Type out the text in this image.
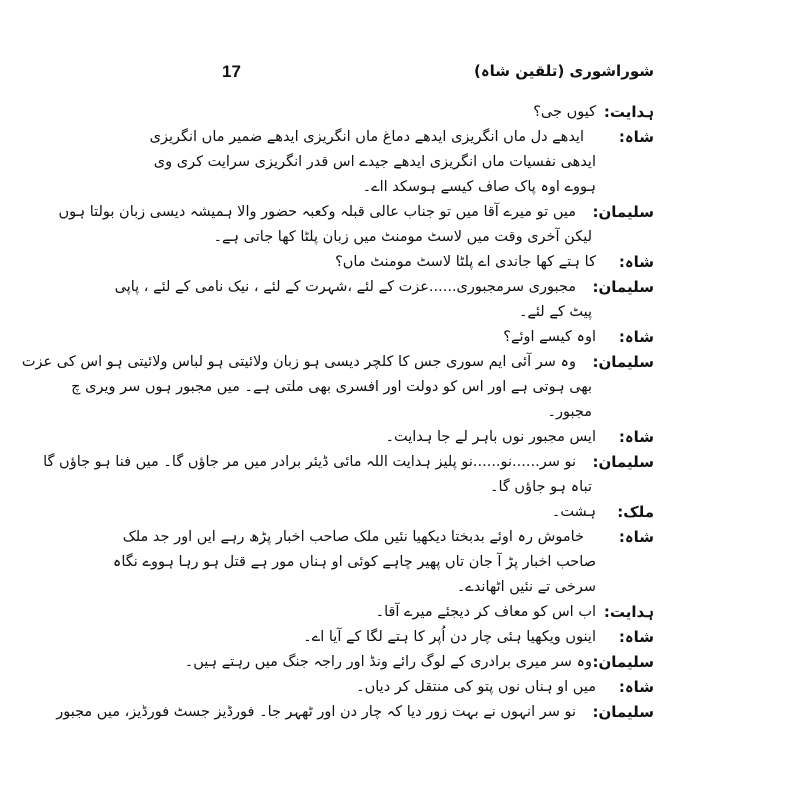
17	شوراشوری (تلقین شاہ)
ہدایت:
کیوں جی؟
شاہ:
ایدھے دل ماں انگریزی ایدھے دماغ ماں انگریزی ایدھے ضمیر ماں انگریزی
ایدھی نفسیات ماں انگریزی ایدھے جیدے اس قدر انگریزی سرایت کری وی
ہووے اوہ پاک صاف کیسے ہوسکد ااے۔
سلیمان:
میں تو میرے آقا میں تو جناب عالی قبلہ وکعبہ حضور والا ہمیشہ دیسی زبان بولتا ہوں
لیکن آخری وقت میں لاسٹ مومنٹ میں زبان پلٹا کھا جاتی ہے۔
شاہ:
کا ہتے کھا جاندی اے پلٹا لاسٹ مومنٹ ماں؟
سلیمان:
مجبوری سرمجبوری......عزت کے لئے ،شہرت کے لئے ، نیک نامی کے لئے ، پاپی
پیٹ کے لئے۔
شاہ:
اوہ کیسے اوئے؟
سلیمان:
وہ سر آئی ایم سوری جس کا کلچر دیسی ہو زبان ولائیتی ہو لباس ولائیتی ہو اس کی عزت
بھی ہوتی ہے اور اس کو دولت اور افسری بھی ملتی ہے۔ میں مجبور ہوں سر ویری چ
مجبور۔
شاہ:
ایس مجبور نوں باہر لے جا ہدایت۔
سلیمان:
نو سر......نو......نو پلیز ہدایت اللہ مائی ڈیئر برادر میں مر جاؤں گا۔ میں فنا ہو جاؤں گا
تباہ ہو جاؤں گا۔
ملک:
ہشت۔
شاہ:
خاموش رہ اوئے بدبختا دیکھیا نئیں ملک صاحب اخبار پڑھ رہے ایں اور جد ملک
صاحب اخبار پڑ آ جان تاں پھیر چاہے کوئی او ہناں مور ہے قتل ہو رہا ہووے نگاہ
سرخی تے نئیں اٹھاندے۔
ہدایت:
اب اس کو معاف کر دیجئے میرے آقا۔
شاہ:
اینوں ویکھیا ہئی چار دن اُپر کا ہتے لگا کے آیا اے۔
سلیمان:
وہ سر میری برادری کے لوگ رائے ونڈ اور راجہ جنگ میں رہتے ہیں۔
شاہ:
میں او ہناں نوں پتو کی منتقل کر دیاں۔
سلیمان:
نو سر انہوں نے بہت زور دیا کہ چار دن اور ٹھہر جا۔ فورڈیز جسٹ فورڈیز، میں مجبور
